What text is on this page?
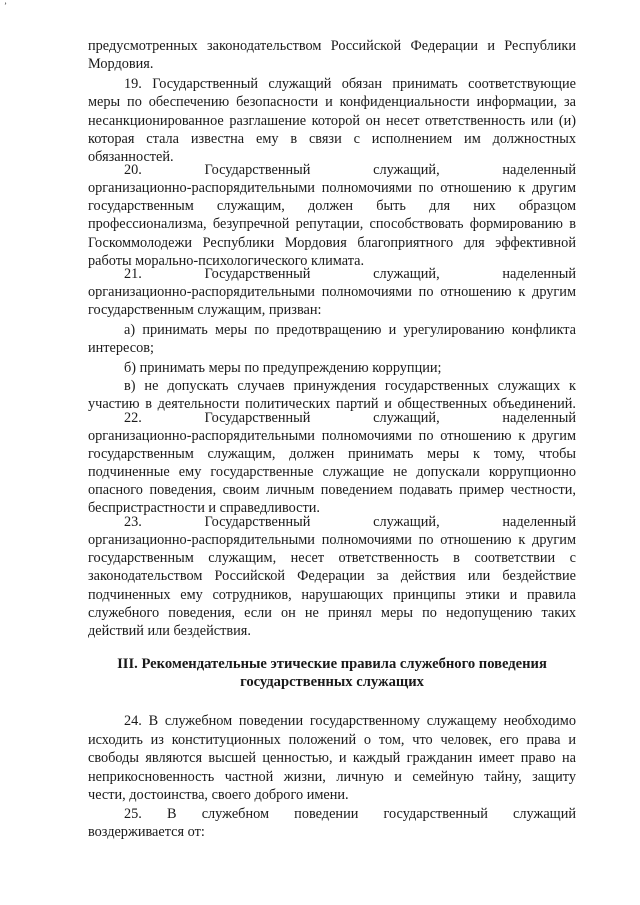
ʼ
предусмотренных законодательством Российской Федерации и Республики
Мордовия.
19. Государственный служащий обязан принимать соответствующие
меры по обеспечению безопасности и конфиденциальности информации, за
несанкционированное разглашение которой он несет ответственность или (и)
которая стала известна ему в связи с исполнением им должностных
обязанностей.
20. Государственный служащий, наделенный
организационно-распорядительными полномочиями по отношению к другим
государственным служащим, должен быть для них образцом
профессионализма, безупречной репутации, способствовать формированию в
Госкоммолодежи Республики Мордовия благоприятного для эффективной
работы морально-психологического климата.
21. Государственный служащий, наделенный
организационно-распорядительными полномочиями по отношению к другим
государственным служащим, призван:
а) принимать меры по предотвращению и урегулированию конфликта
интересов;
б) принимать меры по предупреждению коррупции;
в) не допускать случаев принуждения государственных служащих к
участию в деятельности политических партий и общественных объединений.
22. Государственный служащий, наделенный
организационно-распорядительными полномочиями по отношению к другим
государственным служащим, должен принимать меры к тому, чтобы
подчиненные ему государственные служащие не допускали коррупционно
опасного поведения, своим личным поведением подавать пример честности,
беспристрастности и справедливости.
23. Государственный служащий, наделенный
организационно-распорядительными полномочиями по отношению к другим
государственным служащим, несет ответственность в соответствии с
законодательством Российской Федерации за действия или бездействие
подчиненных ему сотрудников, нарушающих принципы этики и правила
служебного поведения, если он не принял меры по недопущению таких
действий или бездействия.
III. Рекомендательные этические правила служебного поведения
государственных служащих
24. В служебном поведении государственному служащему необходимо
исходить из конституционных положений о том, что человек, его права и
свободы являются высшей ценностью, и каждый гражданин имеет право на
неприкосновенность частной жизни, личную и семейную тайну, защиту
чести, достоинства, своего доброго имени.
25. В служебном поведении государственный служащий
воздерживается от:
